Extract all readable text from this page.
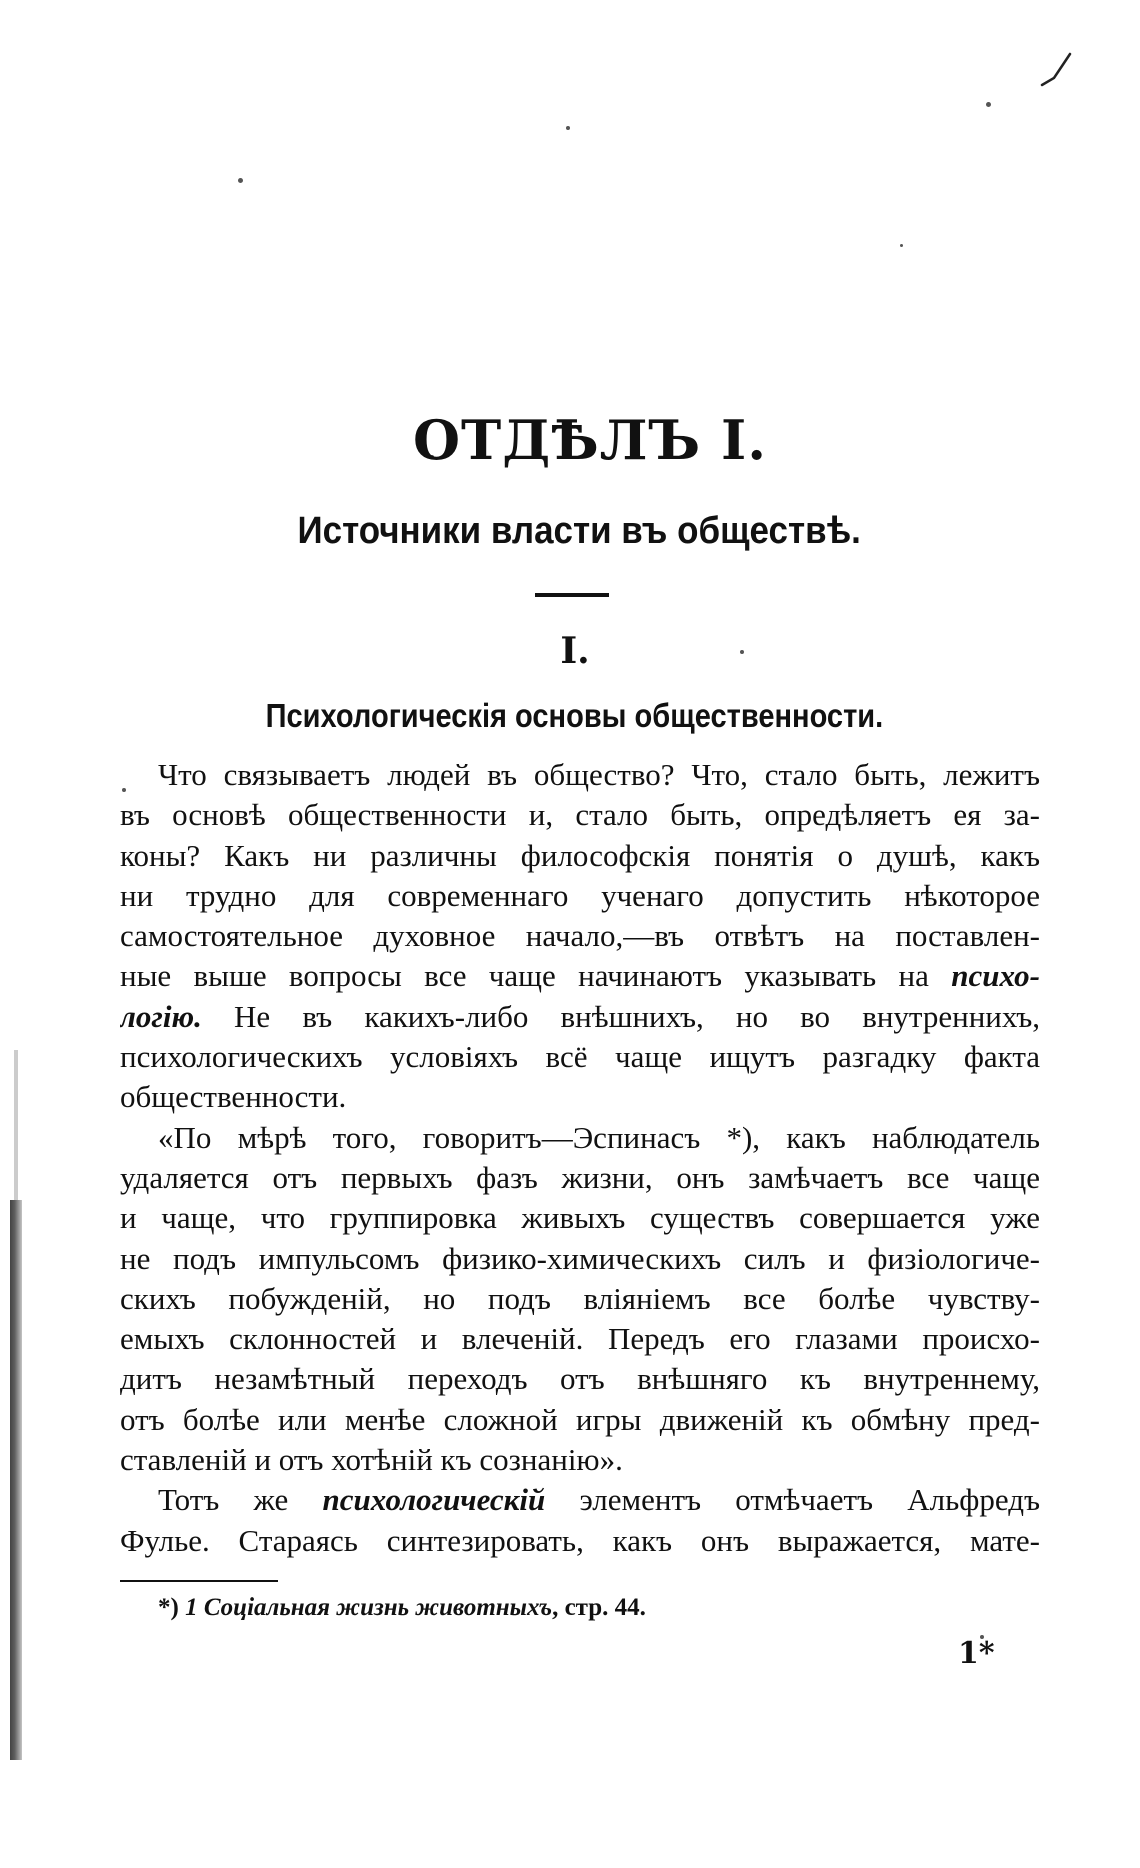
ОТДѢЛЪ I.
Источники власти въ обществѣ.
I.
Психологическія основы общественности.
Что связываетъ людей въ общество? Что, стало быть, лежитъ
въ основѣ общественности и, стало быть, опредѣляетъ ея за-
коны? Какъ ни различны философскія понятія о душѣ, какъ
ни трудно для современнаго ученаго допустить нѣкоторое
самостоятельное духовное начало,—въ отвѣтъ на поставлен-
ные выше вопросы все чаще начинаютъ указывать на психо-
логію. Не въ какихъ-либо внѣшнихъ, но во внутреннихъ,
психологическихъ условіяхъ всё чаще ищутъ разгадку факта
общественности.
«По мѣрѣ того, говоритъ—Эспинасъ *), какъ наблюдатель
удаляется отъ первыхъ фазъ жизни, онъ замѣчаетъ все чаще
и чаще, что группировка живыхъ существъ совершается уже
не подъ импульсомъ физико-химическихъ силъ и физіологиче-
скихъ побужденій, но подъ вліяніемъ все болѣе чувству-
емыхъ склонностей и влеченій. Передъ его глазами происхо-
дитъ незамѣтный переходъ отъ внѣшняго къ внутреннему,
отъ болѣе или менѣе сложной игры движеній къ обмѣну пред-
ставленій и отъ хотѣній къ сознанію».
Тотъ же психологическій элементъ отмѣчаетъ Альфредъ
Фулье. Стараясь синтезировать, какъ онъ выражается, мате-
*) 1 Соціальная жизнь животныхъ, стр. 44.
1*
